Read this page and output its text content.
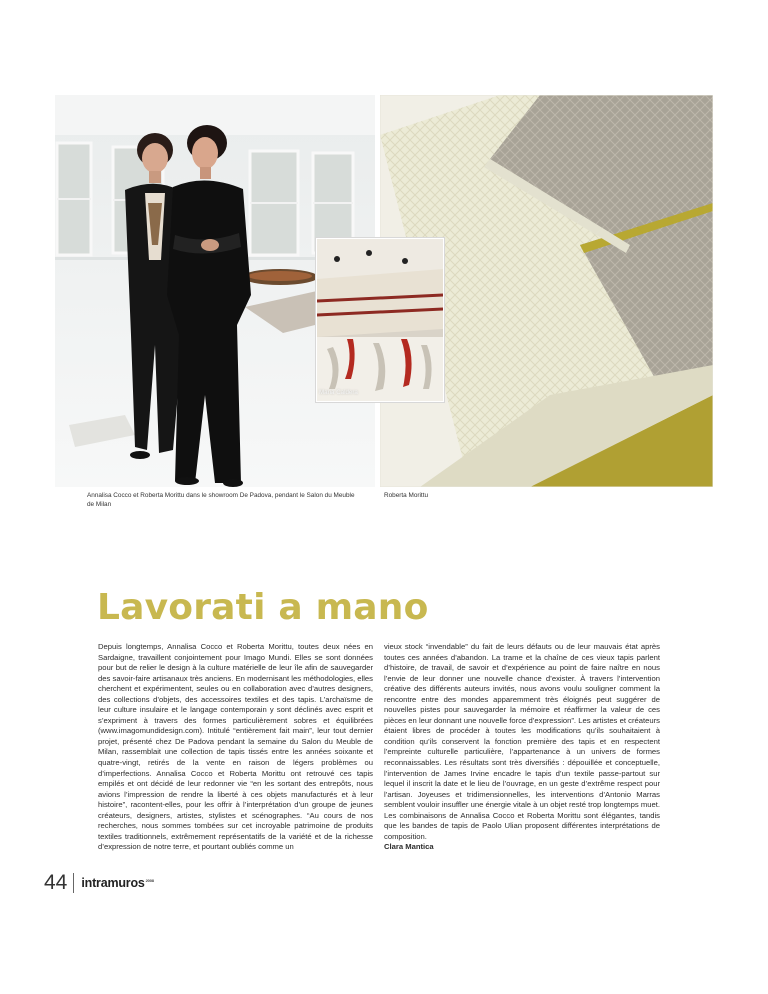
Maria Caldera
Annalisa Cocco et Roberta Morittu dans le showroom De Padova, pendant le Salon du Meuble de Milan
Roberta Morittu
Lavorati a mano

Depuis longtemps, Annalisa Cocco et Roberta Morittu, toutes deux nées en Sardaigne, travaillent conjointement pour Imago Mundi. Elles se sont données pour but de relier le design à la culture matérielle de leur île afin de sauvegarder des savoir-faire artisanaux très anciens. En modernisant les méthodologies, elles cherchent et expérimentent, seules ou en collaboration avec d’autres designers, des collections d’objets, des accessoires textiles et des tapis. L’archaïsme de leur culture insulaire et le langage contemporain y sont déclinés avec esprit et s’expriment à travers des formes particulièrement sobres et équilibrées (www.imagomundidesign.com). Intitulé “entièrement fait main”, leur tout dernier projet, présenté chez De Padova pendant la semaine du Salon du Meuble de Milan, rassemblait une collection de tapis tissés entre les années soixante et quatre-vingt, retirés de la vente en raison de légers problèmes ou d’imperfections. Annalisa Cocco et Roberta Morittu ont retrouvé ces tapis empilés et ont décidé de leur redonner vie “en les sortant des entrepôts, nous avions l’impression de rendre la liberté à ces objets manufacturés et à leur histoire”, racontent-elles, pour les offrir à l’interprétation d’un groupe de jeunes créateurs, designers, artistes, stylistes et scénographes. “Au cours de nos recherches, nous sommes tombées sur cet incroyable patrimoine de produits textiles traditionnels, extrêmement représentatifs de la variété et de la richesse d’expression de notre terre, et pourtant oubliés comme un

vieux stock “invendable” du fait de leurs défauts ou de leur mauvais état après toutes ces années d’abandon. La trame et la chaîne de ces vieux tapis parlent d’histoire, de travail, de savoir et d’expérience au point de faire naître en nous l’envie de leur donner une nouvelle chance d’exister. À travers l’intervention créative des différents auteurs invités, nous avons voulu souligner comment la rencontre entre des mondes apparemment très éloignés peut suggérer de nouvelles pistes pour sauvegarder la mémoire et réaffirmer la valeur de ces pièces en leur donnant une nouvelle force d’expression”. Les artistes et créateurs étaient libres de procéder à toutes les modifications qu’ils souhaitaient à condition qu’ils conservent la fonction première des tapis et en respectent l’empreinte culturelle particulière, l’appartenance à un univers de formes reconnaissables. Les résultats sont très diversifiés : dépouillée et conceptuelle, l’intervention de James Irvine encadre le tapis d’un textile passe-partout sur lequel il inscrit la date et le lieu de l’ouvrage, en un geste d’extrême respect pour l’artisan. Joyeuses et tridimensionnelles, les interventions d’Antonio Marras semblent vouloir insuffler une énergie vitale à un objet resté trop longtemps muet. Les combinaisons de Annalisa Cocco et Roberta Morittu sont élégantes, tandis que les bandes de tapis de Paolo Ulian proposent différentes interprétations de composition.
Clara Mantica

44 intramuros$^{2008}$
